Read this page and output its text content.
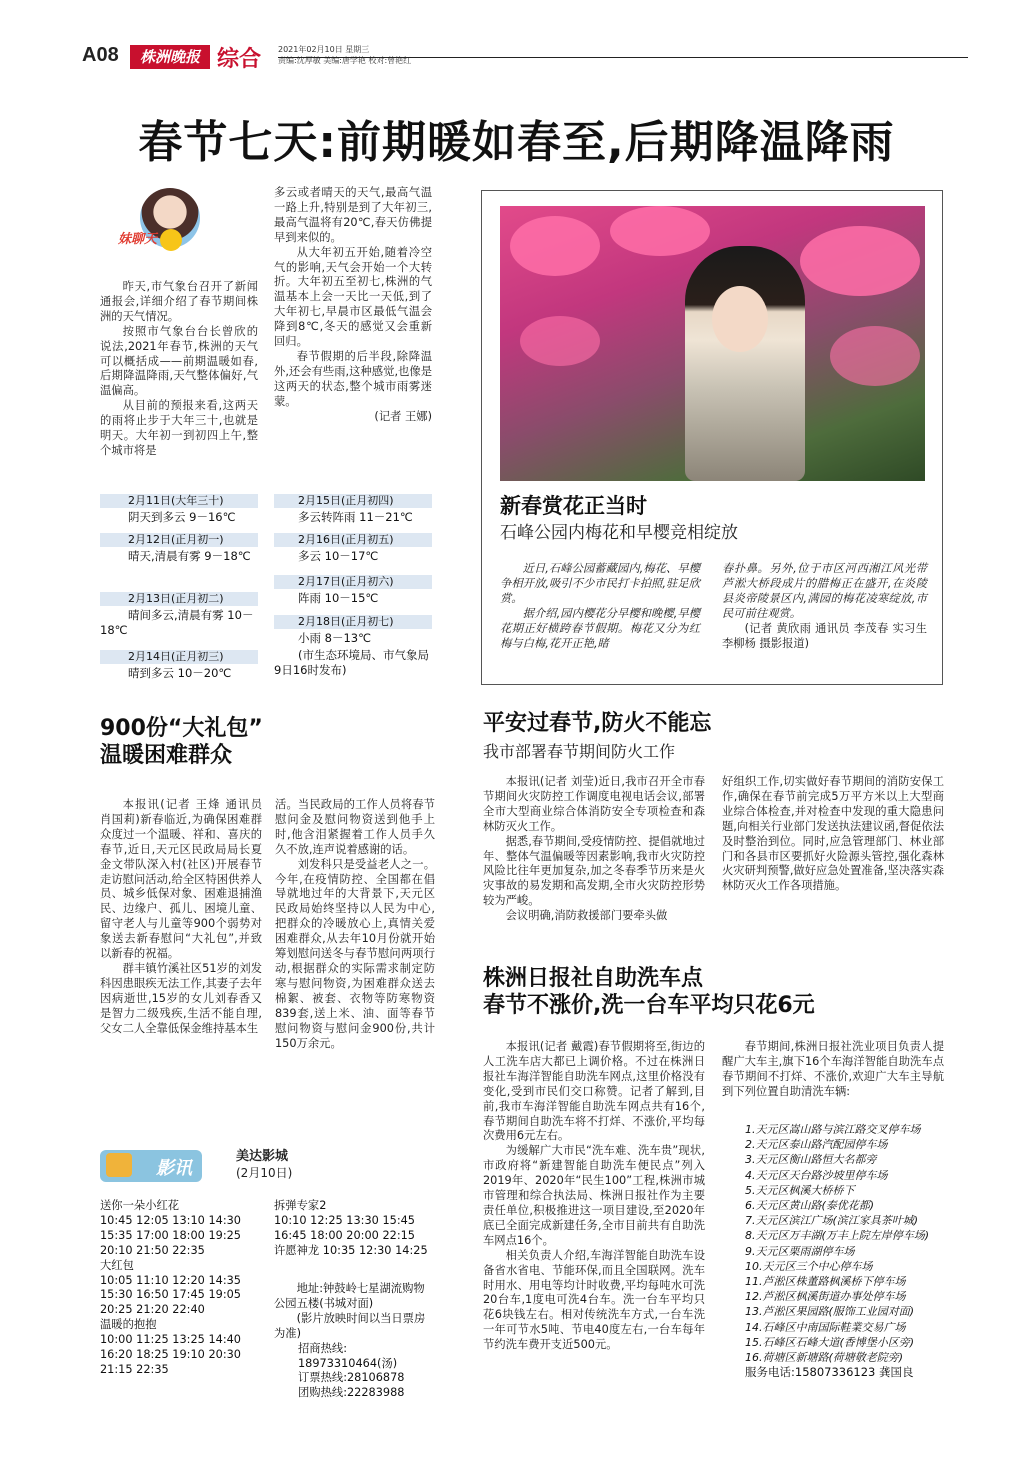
A08	株洲晚报 综合 2021年02月10日 星期三
责编:沈厚敏 美编:唐学艳 校对:曾艳红
春节七天:前期暖如春至,后期降温降雨
妹聊天

昨天,市气象台召开了新闻通报会,详细介绍了春节期间株洲的天气情况。

按照市气象台台长曾欣的说法,2021年春节,株洲的天气可以概括成——前期温暖如春,后期降温降雨,天气整体偏好,气温偏高。

从目前的预报来看,这两天的雨将止步于大年三十,也就是明天。大年初一到初四上午,整个城市将是

多云或者晴天的天气,最高气温一路上升,特别是到了大年初三,最高气温将有20℃,春天仿佛提早到来似的。

从大年初五开始,随着冷空气的影响,天气会开始一个大转折。大年初五至初七,株洲的气温基本上会一天比一天低,到了大年初七,早晨市区最低气温会降到8℃,冬天的感觉又会重新回归。

春节假期的后半段,除降温外,还会有些雨,这种感觉,也像是这两天的状态,整个城市雨雾迷蒙。

(记者 王娜)

2月11日(大年三十)
阴天到多云 9－16℃
2月12日(正月初一)
晴天,清晨有雾 9－18℃
2月13日(正月初二)
晴间多云,清晨有雾 10－18℃
2月14日(正月初三)
晴到多云 10－20℃
2月15日(正月初四)
多云转阵雨 11－21℃
2月16日(正月初五)
多云 10－17℃
2月17日(正月初六)
阵雨 10－15℃
2月18日(正月初七)
小雨 8－13℃
(市生态环境局、市气象局9日16时发布)
新春赏花正当时
石峰公园内梅花和早樱竞相绽放

近日,石峰公园蓄藏园内,梅花、早樱争相开放,吸引不少市民打卡拍照,驻足欣赏。

据介绍,园内樱花分早樱和晚樱,早樱花期正好横跨春节假期。梅花又分为红梅与白梅,花开正艳,睹

春扑鼻。另外,位于市区河西湘江风光带芦淞大桥段成片的腊梅正在盛开,在炎陵县炎帝陵景区内,满园的梅花凌寒绽放,市民可前往观赏。

(记者 黄欣雨 通讯员 李茂春 实习生 李柳杨 摄影报道)

900份“大礼包”
温暖困难群众

本报讯(记者 王烽 通讯员 肖国莉)新春临近,为确保困难群众度过一个温暖、祥和、喜庆的春节,近日,天元区民政局局长夏金文带队深入村(社区)开展春节走访慰问活动,给全区特困供养人员、城乡低保对象、困难退捕渔民、边缘户、孤儿、困境儿童、留守老人与儿童等900个弱势对象送去新春慰问“大礼包”,并致以新春的祝福。

群丰镇竹溪社区51岁的刘发科因患眼疾无法工作,其妻子去年因病逝世,15岁的女儿刘春香又是智力二级残疾,生活不能自理,父女二人全靠低保金维持基本生

活。当民政局的工作人员将春节慰问金及慰问物资送到他手上时,他含泪紧握着工作人员手久久不放,连声说着感谢的话。

刘发科只是受益老人之一。今年,在疫情防控、全国都在倡导就地过年的大背景下,天元区民政局始终坚持以人民为中心,把群众的冷暖放心上,真情关爱困难群众,从去年10月份就开始筹划慰问送冬与春节慰问两项行动,根据群众的实际需求制定防寒与慰问物资,为困难群众送去棉絮、被套、衣物等防寒物资839套,送上米、油、面等春节慰问物资与慰问金900份,共计150万余元。

平安过春节,防火不能忘
我市部署春节期间防火工作

本报讯(记者 刘莹)近日,我市召开全市春节期间火灾防控工作调度电视电话会议,部署全市大型商业综合体消防安全专项检查和森林防灭火工作。

据悉,春节期间,受疫情防控、提倡就地过年、整体气温偏暖等因素影响,我市火灾防控风险比往年更加复杂,加之冬春季节历来是火灾事故的易发期和高发期,全市火灾防控形势较为严峻。

会议明确,消防救援部门要牵头做

好组织工作,切实做好春节期间的消防安保工作,确保在春节前完成5万平方米以上大型商业综合体检查,并对检查中发现的重大隐患问题,向相关行业部门发送执法建议函,督促依法及时整治到位。同时,应急管理部门、林业部门和各县市区要抓好火险源头管控,强化森林火灾研判预警,做好应急处置准备,坚决落实森林防灭火工作各项措施。

株洲日报社自助洗车点
春节不涨价,洗一台车平均只花6元

本报讯(记者 戴霞)春节假期将至,街边的人工洗车店大都已上调价格。不过在株洲日报社车海洋智能自助洗车网点,这里价格没有变化,受到市民们交口称赞。记者了解到,目前,我市车海洋智能自助洗车网点共有16个,春节期间自助洗车将不打烊、不涨价,平均每次费用6元左右。

为缓解广大市民“洗车难、洗车贵”现状,市政府将“新建智能自助洗车便民点”列入2019年、2020年“民生100”工程,株洲市城市管理和综合执法局、株洲日报社作为主要责任单位,积极推进这一项目建设,至2020年底已全面完成新建任务,全市目前共有自助洗车网点16个。

相关负责人介绍,车海洋智能自助洗车设备省水省电、节能环保,而且全国联网。洗车时用水、用电等均计时收费,平均每吨水可洗20台车,1度电可洗4台车。洗一台车平均只花6块钱左右。相对传统洗车方式,一台车洗一年可节水5吨、节电40度左右,一台车每年节约洗车费开支近500元。

春节期间,株洲日报社洗业项目负责人提醒广大车主,旗下16个车海洋智能自助洗车点春节期间不打烊、不涨价,欢迎广大车主导航到下列位置自助清洗车辆:

1.天元区嵩山路与滨江路交叉停车场
2.天元区泰山路汽配园停车场
3.天元区衡山路恒大名都旁
4.天元区天台路沙坡里停车场
5.天元区枫溪大桥桥下
6.天元区黄山路(泰优花都)
7.天元区滨江广场(滨江家具茶叶城)
8.天元区万丰湖(万丰上院左岸停车场)
9.天元区栗雨湖停车场
10.天元区三个中心停车场
11.芦淞区株董路枫溪桥下停车场
12.芦淞区枫溪街道办事处停车场
13.芦淞区果园路(服饰工业园对面)
14.石峰区中南国际鞋業交易广场
15.石峰区石峰大道(香博堡小区旁)
16.荷塘区新塘路(荷塘敬老院旁)
服务电话:15807336123 龚国良
影讯
美达影城
(2月10日)
送你一朵小红花
10:45 12:05 13:10 14:30
15:35 17:00 18:00 19:25
20:10 21:50 22:35
大红包
10:05 11:10 12:20 14:35
15:30 16:50 17:45 19:05
20:25 21:20 22:40
温暖的抱抱
10:00 11:25 13:25 14:40
16:20 18:25 19:10 20:30
21:15 22:35
拆弹专家2
10:10 12:25 13:30 15:45
16:45 18:00 20:00 22:15
许愿神龙 10:35 12:30 14:25

地址:钟鼓岭七星湖流购物公园五楼(书城对面)

(影片放映时间以当日票房为准)

招商热线:
18973310464(汤)
订票热线:28106878
团购热线:22283988
